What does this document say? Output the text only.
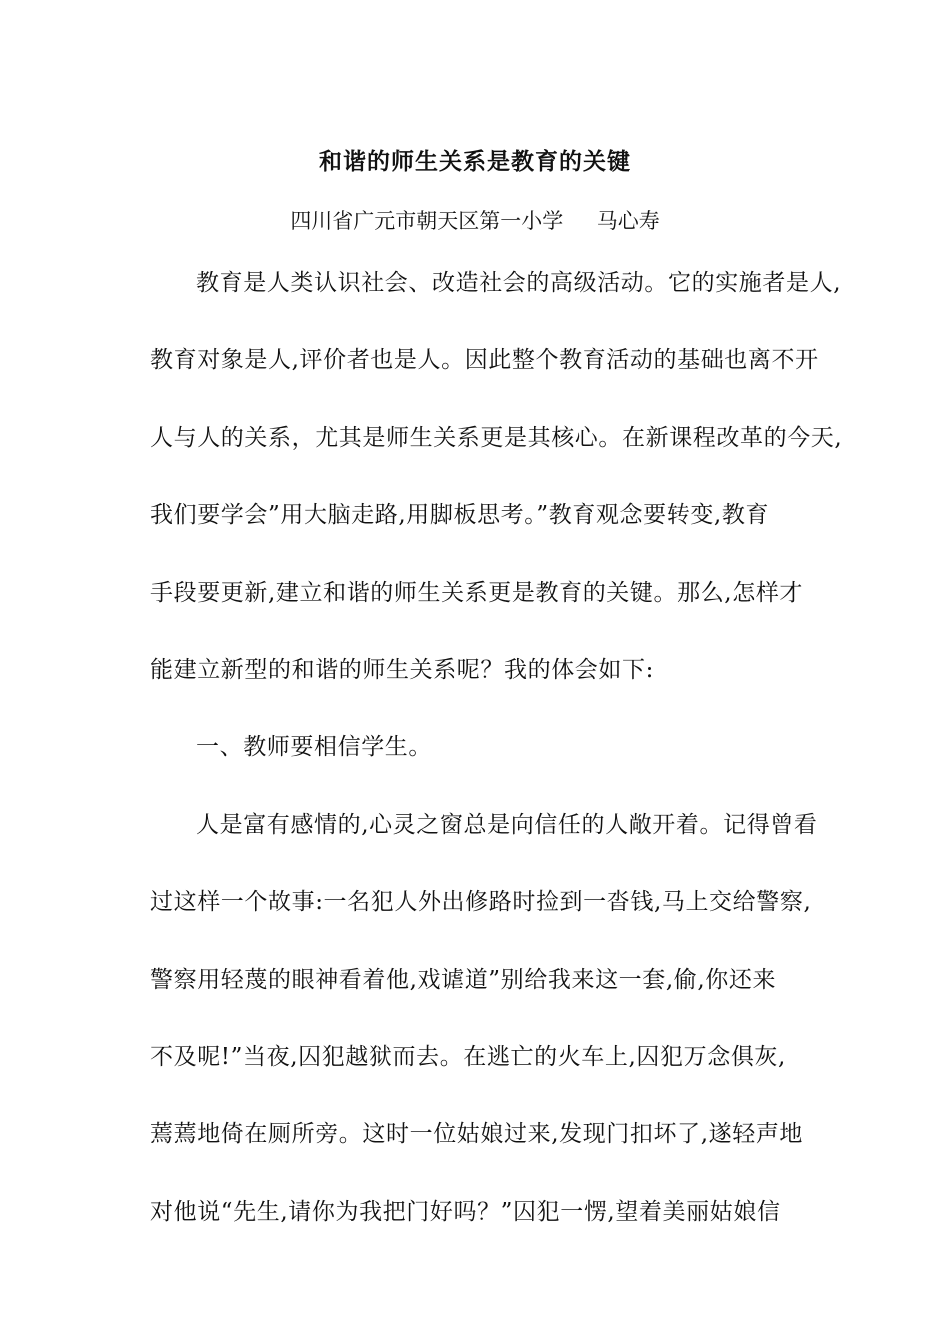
和谐的师生关系是教育的关键

四川省广元市朝天区第一小学     马心寿

教育是人类认识社会、改造社会的高级活动。它的实施者是人,
教育对象是人,评价者也是人。因此整个教育活动的基础也离不开
人与人的关系，尤其是师生关系更是其核心。在新课程改革的今天,
我们要学会”用大脑走路,用脚板思考。”教育观念要转变,教育
手段要更新,建立和谐的师生关系更是教育的关键。那么,怎样才
能建立新型的和谐的师生关系呢？我的体会如下:
一、教师要相信学生。
人是富有感情的,心灵之窗总是向信任的人敞开着。记得曾看
过这样一个故事:一名犯人外出修路时捡到一沓钱,马上交给警察,
警察用轻蔑的眼神看着他,戏谑道”别给我来这一套,偷,你还来
不及呢!”当夜,囚犯越狱而去。在逃亡的火车上,囚犯万念俱灰,
蔫蔫地倚在厕所旁。这时一位姑娘过来,发现门扣坏了,遂轻声地
对他说“先生,请你为我把门好吗？”囚犯一愣,望着美丽姑娘信
